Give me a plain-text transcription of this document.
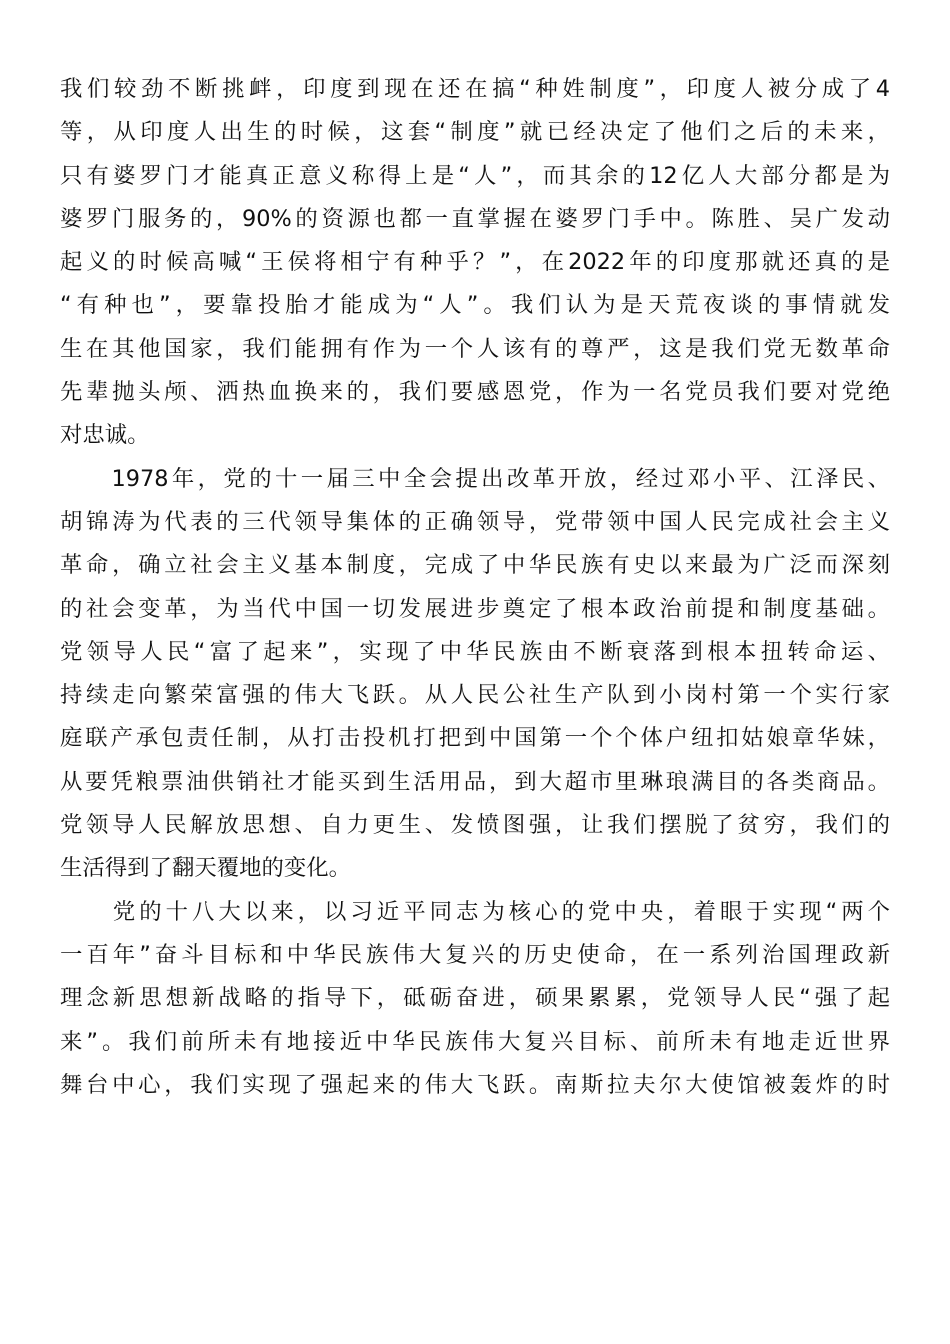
我们较劲不断挑衅，印度到现在还在搞“种姓制度”，印度人被分成了4
等，从印度人出生的时候，这套“制度”就已经决定了他们之后的未来，
只有婆罗门才能真正意义称得上是“人”，而其余的12亿人大部分都是为
婆罗门服务的，90%的资源也都一直掌握在婆罗门手中。陈胜、吴广发动
起义的时候高喊“王侯将相宁有种乎？”，在2022年的印度那就还真的是
“有种也”，要靠投胎才能成为“人”。我们认为是天荒夜谈的事情就发
生在其他国家，我们能拥有作为一个人该有的尊严，这是我们党无数革命
先辈抛头颅、洒热血换来的，我们要感恩党，作为一名党员我们要对党绝
对忠诚。
　　1978年，党的十一届三中全会提出改革开放，经过邓小平、江泽民、
胡锦涛为代表的三代领导集体的正确领导，党带领中国人民完成社会主义
革命，确立社会主义基本制度，完成了中华民族有史以来最为广泛而深刻
的社会变革，为当代中国一切发展进步奠定了根本政治前提和制度基础。
党领导人民“富了起来”，实现了中华民族由不断衰落到根本扭转命运、
持续走向繁荣富强的伟大飞跃。从人民公社生产队到小岗村第一个实行家
庭联产承包责任制，从打击投机打把到中国第一个个体户纽扣姑娘章华妹，
从要凭粮票油供销社才能买到生活用品，到大超市里琳琅满目的各类商品。
党领导人民解放思想、自力更生、发愤图强，让我们摆脱了贫穷，我们的
生活得到了翻天覆地的变化。
　　党的十八大以来，以习近平同志为核心的党中央，着眼于实现“两个
一百年”奋斗目标和中华民族伟大复兴的历史使命，在一系列治国理政新
理念新思想新战略的指导下，砥砺奋进，硕果累累，党领导人民“强了起
来”。我们前所未有地接近中华民族伟大复兴目标、前所未有地走近世界
舞台中心，我们实现了强起来的伟大飞跃。南斯拉夫尔大使馆被轰炸的时
